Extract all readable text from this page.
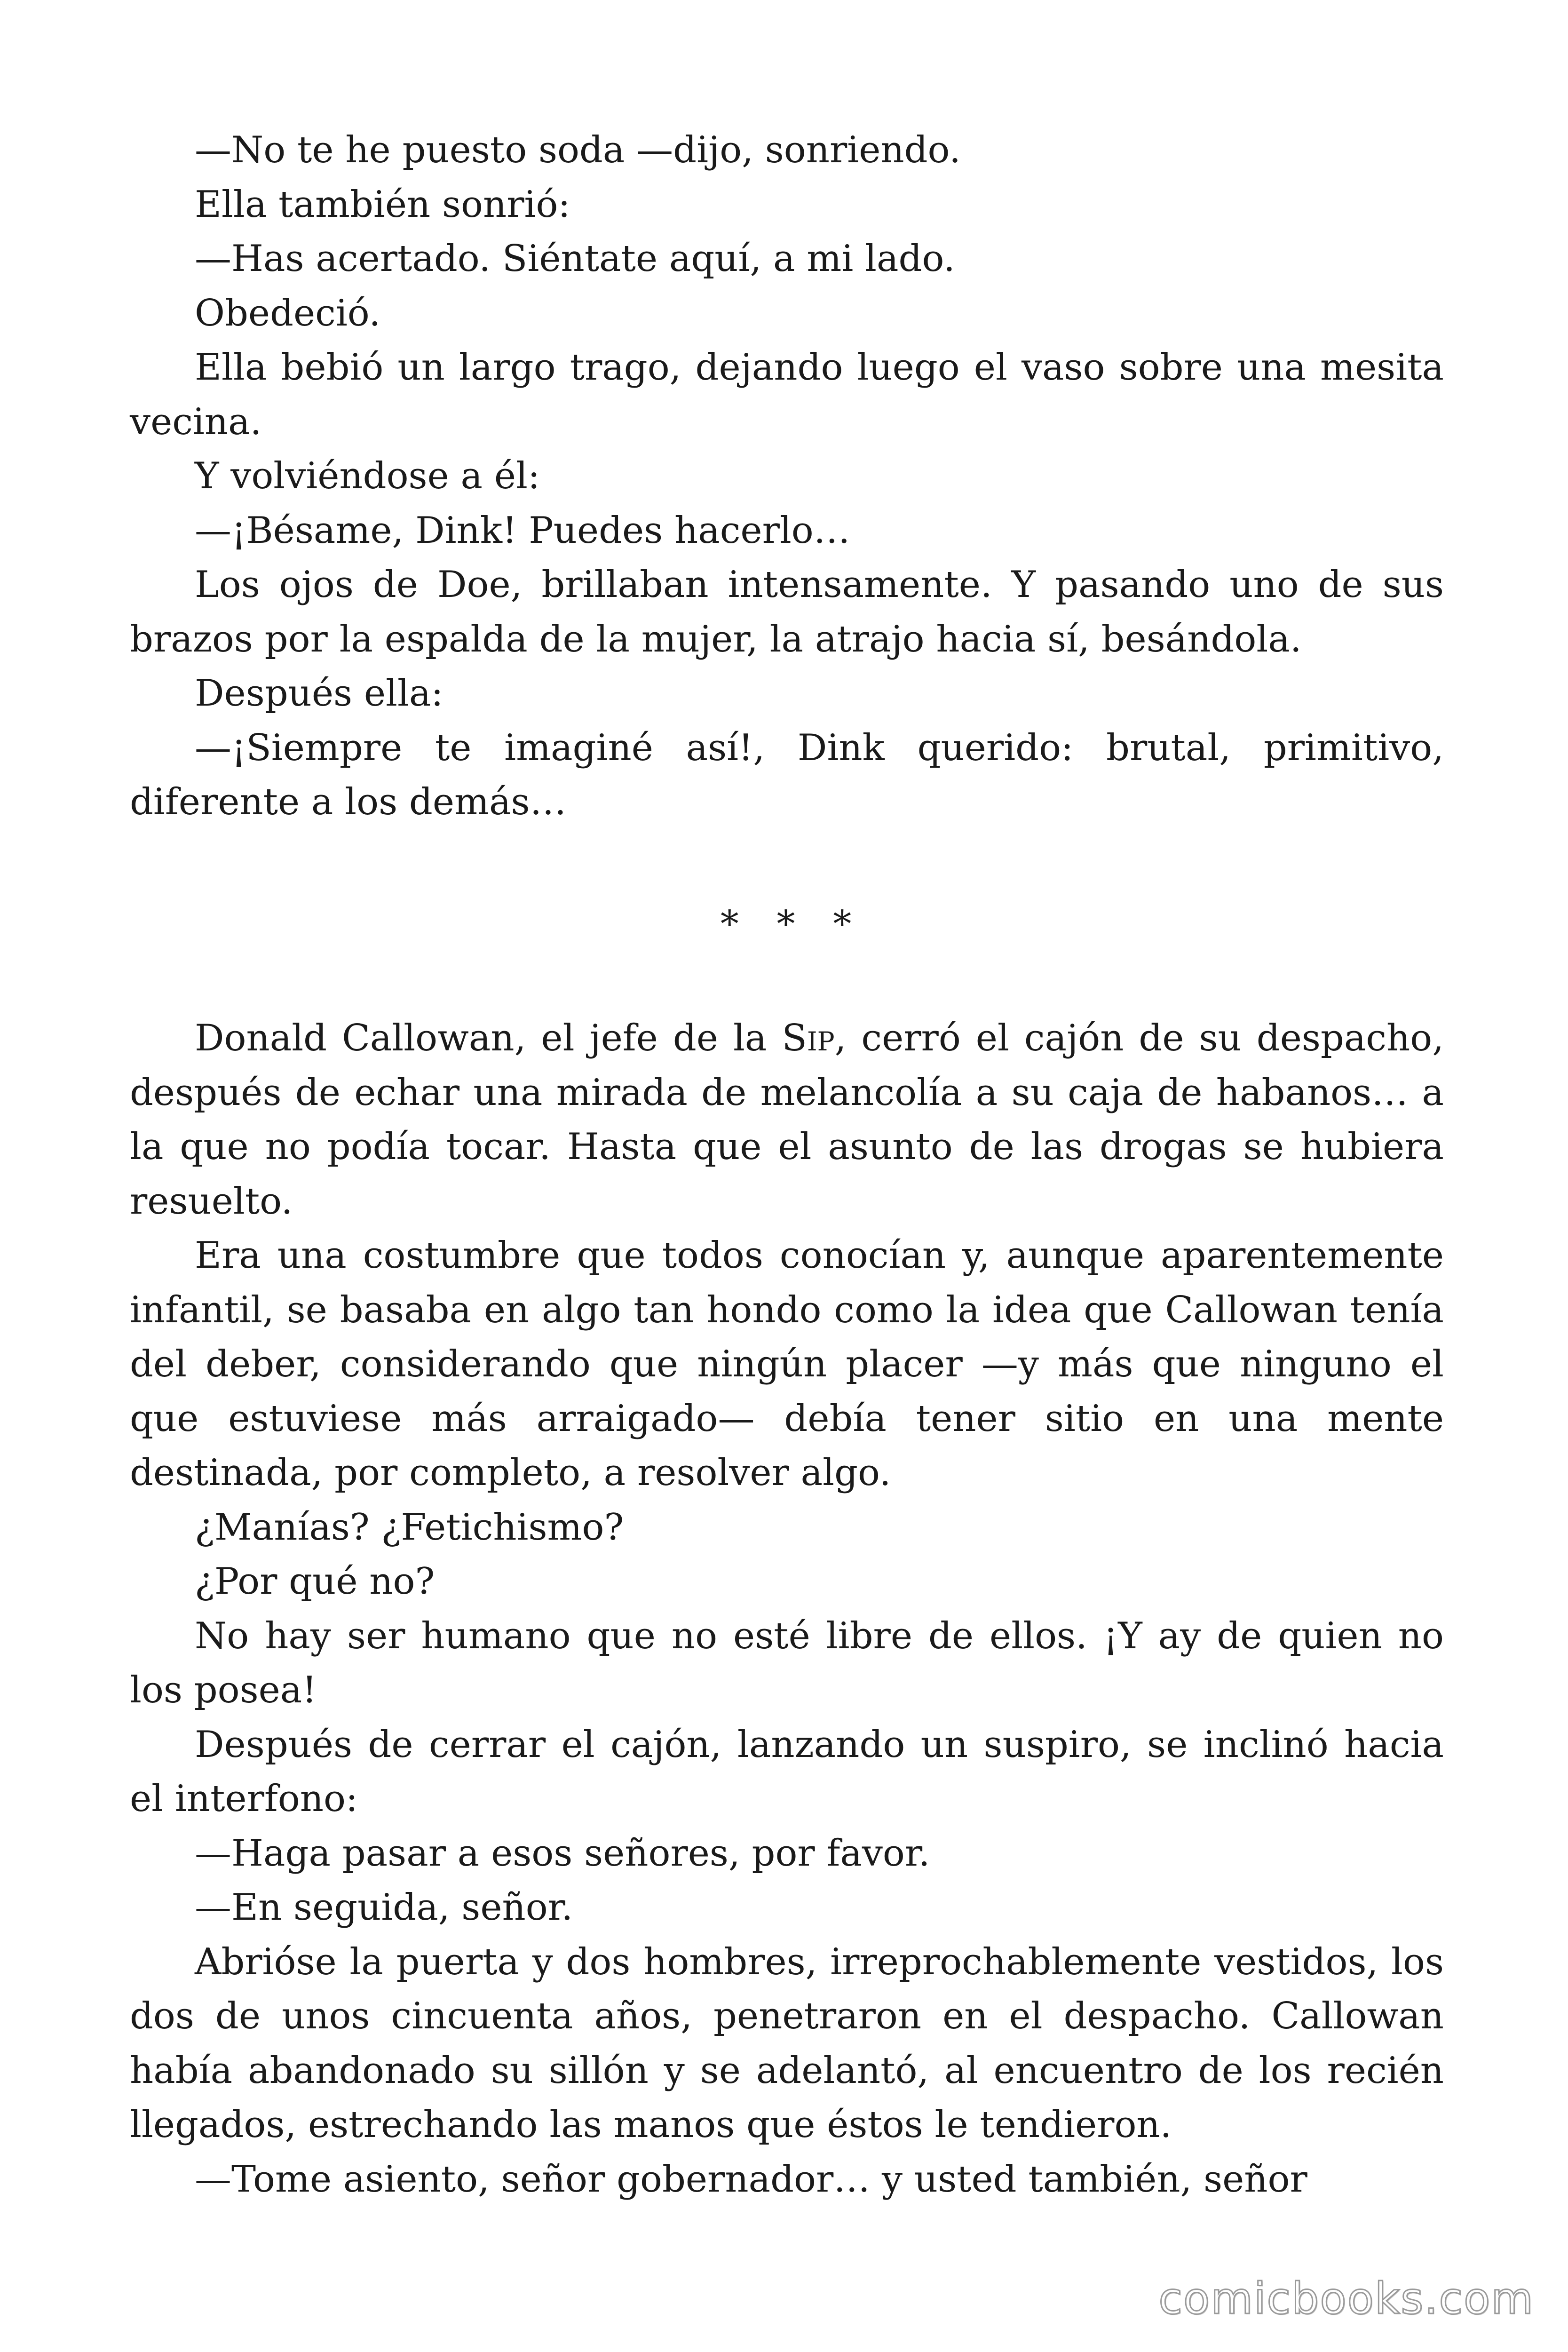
—No te he puesto soda —dijo, sonriendo.

Ella también sonrió:

—Has acertado. Siéntate aquí, a mi lado.

Obedeció.

Ella bebió un largo trago, dejando luego el vaso sobre una mesita vecina.

Y volviéndose a él:

—¡Bésame, Dink! Puedes hacerlo…

Los ojos de Doe, brillaban intensamente. Y pasando uno de sus brazos por la espalda de la mujer, la atrajo hacia sí, besándola.

Después ella:

—¡Siempre te imaginé así!, Dink querido: brutal, primitivo, diferente a los demás…

* * *

Donald Callowan, el jefe de la Sip, cerró el cajón de su despacho, después de echar una mirada de melancolía a su caja de habanos… a la que no podía tocar. Hasta que el asunto de las drogas se hubiera resuelto.

Era una costumbre que todos conocían y, aunque aparentemente infantil, se basaba en algo tan hondo como la idea que Callowan tenía del deber, considerando que ningún placer —y más que ninguno el que estuviese más arraigado— debía tener sitio en una mente destinada, por completo, a resolver algo.

¿Manías? ¿Fetichismo?

¿Por qué no?

No hay ser humano que no esté libre de ellos. ¡Y ay de quien no los posea!

Después de cerrar el cajón, lanzando un suspiro, se inclinó hacia el interfono:

—Haga pasar a esos señores, por favor.

—En seguida, señor.

Abrióse la puerta y dos hombres, irreprochablemente vestidos, los dos de unos cincuenta años, penetraron en el despacho. Callowan había abandonado su sillón y se adelantó, al encuentro de los recién llegados, estrechando las manos que éstos le tendieron.

—Tome asiento, señor gobernador… y usted también, señor

comicbooks.com
